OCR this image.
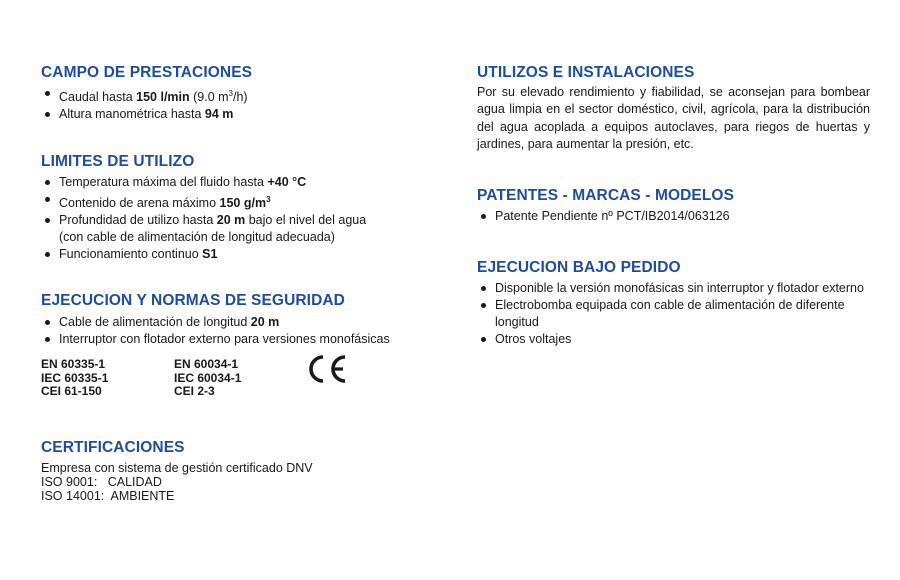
CAMPO DE PRESTACIONES
Caudal hasta 150 l/min (9.0 $m^3/h$)
Altura manométrica hasta 94 m
LIMITES DE UTILIZO
Temperatura máxima del fluido hasta +40 °C
Contenido de arena máximo 150 $g/m^3$
Profundidad de utilizo hasta 20 m bajo el nivel del agua
(con cable de alimentación de longitud adecuada)
Funcionamiento continuo S1
EJECUCION Y NORMAS DE SEGURIDAD
Cable de alimentación de longitud 20 m
Interruptor con flotador externo para versiones monofásicas
EN 60335-1
IEC 60335-1
CEI 61-150
EN 60034-1
IEC 60034-1
CEI 2-3
CERTIFICACIONES
Empresa con sistema de gestión certificado DNV
ISO 9001:   CALIDAD
ISO 14001:  AMBIENTE
UTILIZOS E INSTALACIONES
Por su elevado rendimiento y fiabilidad, se aconsejan para bombear agua limpia en el sector doméstico, civil, agrícola, para la distribución del agua acoplada a equipos autoclaves, para riegos de huertas y jardines, para aumentar la presión, etc.
PATENTES - MARCAS - MODELOS
Patente Pendiente nº PCT/IB2014/063126
EJECUCION BAJO PEDIDO
Disponible la versión monofásicas sin interruptor y flotador externo
Electrobomba equipada con cable de alimentación de diferente longitud
Otros voltajes
